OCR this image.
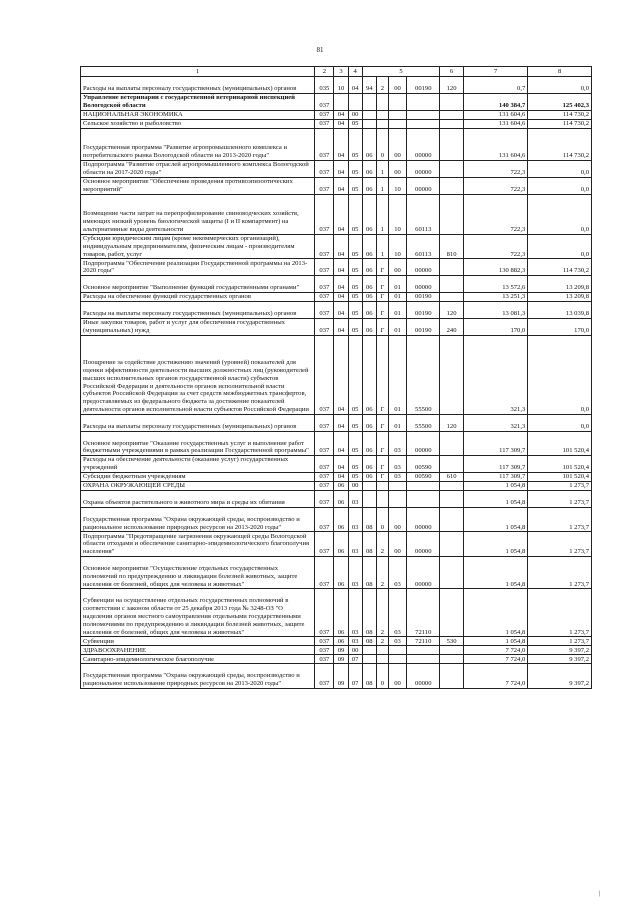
81
1	2	3	4	5				6	7	8
Расходы на выплаты персоналу государственных (муниципальных) органов	035	10	04	94	2	00	00190	120	0,7	0,0
Управление ветеринарии с государственной ветеринарной инспекцией Вологодской области	037								140 384,7	125 402,3
НАЦИОНАЛЬНАЯ ЭКОНОМИКА	037	04	00						131 604,6	114 730,2
Сельское хозяйство и рыболовство	037	04	05						131 604,6	114 730,2
Государственная программа "Развитие агропромышленного комплекса и потребительского рынка Вологодской области на 2013-2020 годы"	037	04	05	06	0	00	00000		131 604,6	114 730,2
Подпрограмма "Развитие отраслей агропромышленного комплекса Вологодской области на 2017-2020 годы"	037	04	05	06	1	00	00000		722,3	0,0
Основное мероприятие "Обеспечение проведения противоэпизоотических мероприятий"	037	04	05	06	1	10	00000		722,3	0,0
Возмещение части затрат на перепрофилирование свиноводческих хозяйств, имеющих низкий уровень биологической защиты (I и II компартмент) на альтернативные виды деятельности	037	04	05	06	1	10	60113		722,3	0,0
Субсидии юридическим лицам (кроме некоммерческих организаций), индивидуальным предпринимателям, физическим лицам - производителям товаров, работ, услуг	037	04	05	06	1	10	60113	810	722,3	0,0
Подпрограмма "Обеспечение реализации Государственной программы на 2013-2020 годы"	037	04	05	06	Г	00	00000		130 882,3	114 730,2
Основное мероприятие "Выполнение функций государственными органами"	037	04	05	06	Г	01	00000		13 572,6	13 209,8
Расходы на обеспечение функций государственных органов	037	04	05	06	Г	01	00190		13 251,3	13 209,8
Расходы на выплаты персоналу государственных (муниципальных) органов	037	04	05	06	Г	01	00190	120	13 081,3	13 039,8
Иные закупки товаров, работ и услуг для обеспечения государственных (муниципальных) нужд	037	04	05	06	Г	01	00190	240	170,0	170,0
Поощрение за содействие достижению значений (уровней) показателей для оценки эффективности деятельности высших должностных лиц (руководителей высших исполнительных органов государственной власти) субъектов Российской Федерации и деятельности органов исполнительной власти субъектов Российской Федерации за счет средств межбюджетных трансфертов, предоставляемых из федерального бюджета за достижение показателей деятельности органов исполнительной власти субъектов Российской Федерации	037	04	05	06	Г	01	55500		321,3	0,0
Расходы на выплаты персоналу государственных (муниципальных) органов	037	04	05	06	Г	01	55500	120	321,3	0,0
Основное мероприятие "Оказание государственных услуг и выполнение работ бюджетными учреждениями в рамках реализации Государственной программы"	037	04	05	06	Г	03	00000		117 309,7	101 520,4
Расходы на обеспечение деятельности (оказание услуг) государственных учреждений	037	04	05	06	Г	03	00590		117 309,7	101 520,4
Субсидии бюджетным учреждениям	037	04	05	06	Г	03	00590	610	117 309,7	101 520,4
ОХРАНА ОКРУЖАЮЩЕЙ СРЕДЫ	037	06	00						1 054,8	1 273,7
Охрана объектов растительного и животного мира и среды их обитания	037	06	03						1 054,8	1 273,7
Государственная программа "Охрана окружающей среды, воспроизводство и рациональное использование природных ресурсов на 2013-2020 годы"	037	06	03	08	0	00	00000		1 054,8	1 273,7
Подпрограмма "Предотвращение загрязнения окружающей среды Вологодской области отходами и обеспечение санитарно-эпидемиологического благополучия населения"	037	06	03	08	2	00	00000		1 054,8	1 273,7
Основное мероприятие "Осуществление отдельных государственных полномочий по предупреждению и ликвидации болезней животных, защите населения от болезней, общих для человека и животных"	037	06	03	08	2	03	00000		1 054,8	1 273,7
Субвенции на осуществление отдельных государственных полномочий в соответствии с законом области от 25 декабря 2013 года № 3248-ОЗ "О наделении органов местного самоуправления отдельными государственными полномочиями по предупреждению и ликвидации болезней животных, защите населения от болезней, общих для человека и животных"	037	06	03	08	2	03	72110		1 054,8	1 273,7
Субвенции	037	06	03	08	2	03	72110	530	1 054,8	1 273,7
ЗДРАВООХРАНЕНИЕ	037	09	00						7 724,0	9 397,2
Санитарно-эпидемиологическое благополучие	037	09	07						7 724,0	9 397,2
Государственная программа "Охрана окружающей среды, воспроизводство и рациональное использование природных ресурсов на 2013-2020 годы"	037	09	07	08	0	00	00000		7 724,0	9 397,2
|
